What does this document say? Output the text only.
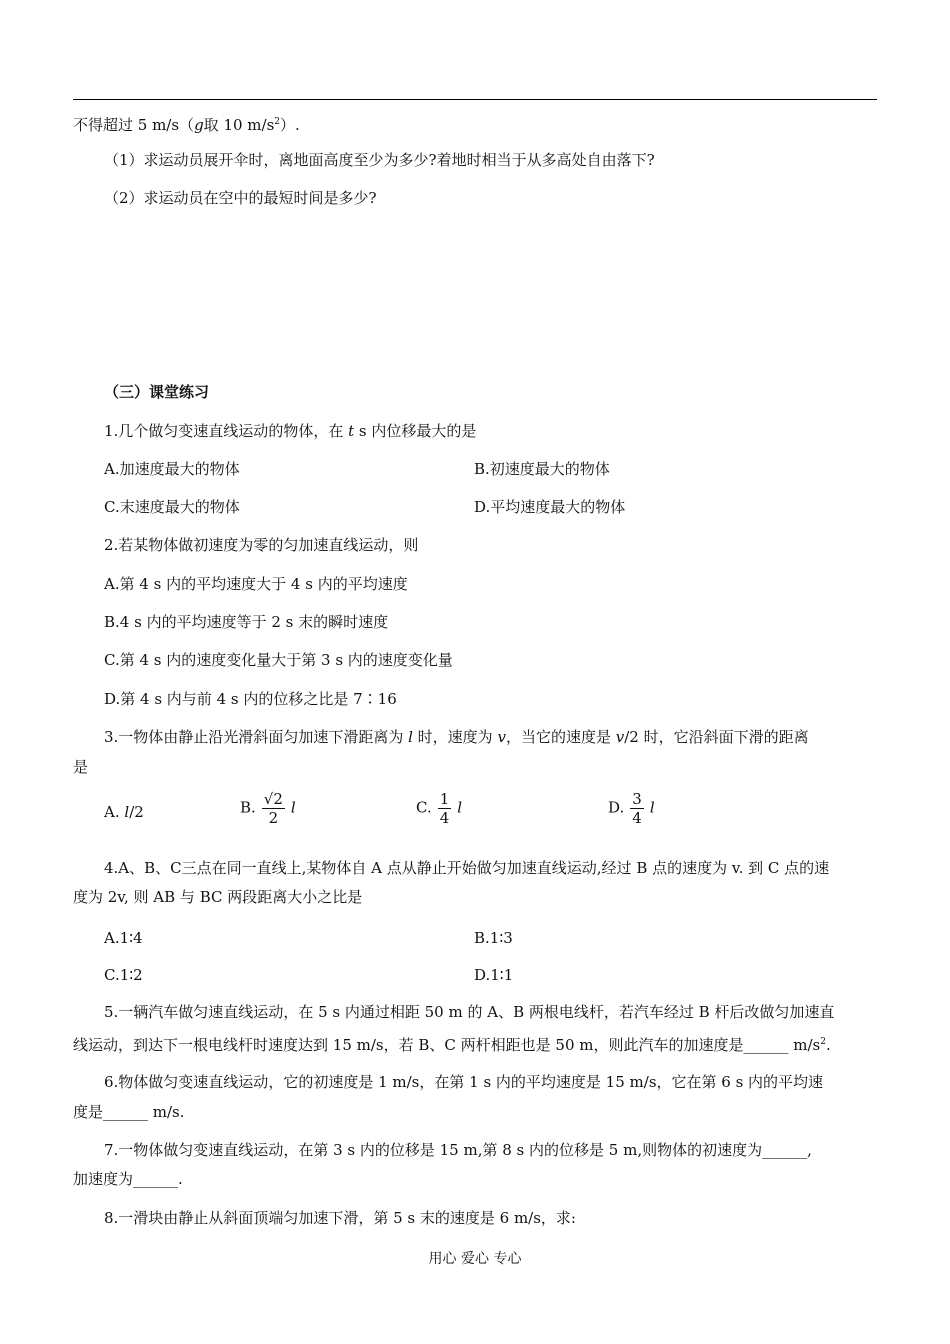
不得超过 5 m/s（g取 10 $m/s^2$）.
（1）求运动员展开伞时，离地面高度至少为多少?着地时相当于从多高处自由落下?
（2）求运动员在空中的最短时间是多少?
（三）课堂练习
1.几个做匀变速直线运动的物体，在 t s 内位移最大的是
A.加速度最大的物体	B.初速度最大的物体
C.末速度最大的物体	D.平均速度最大的物体
2.若某物体做初速度为零的匀加速直线运动，则
A.第 4 s 内的平均速度大于 4 s 内的平均速度
B.4 s 内的平均速度等于 2 s 末的瞬时速度
C.第 4 s 内的速度变化量大于第 3 s 内的速度变化量
D.第 4 s 内与前 4 s 内的位移之比是 7∶16
3.一物体由静止沿光滑斜面匀加速下滑距离为 l 时，速度为 v，当它的速度是 v/2 时，它沿斜面下滑的距离
是
A. l/2	B. $\frac{√2}{2}$ l	C. $\frac{1}{4}$ l	D. $\frac{3}{4}$ l
4.A、B、C三点在同一直线上,某物体自 A 点从静止开始做匀加速直线运动,经过 B 点的速度为 v. 到 C 点的速
度为 2v, 则 AB 与 BC 两段距离大小之比是
A.1∶4	B.1∶3
C.1∶2	D.1∶1
5.一辆汽车做匀速直线运动，在 5 s 内通过相距 50 m 的 A、B 两根电线杆，若汽车经过 B 杆后改做匀加速直
线运动，到达下一根电线杆时速度达到 15 m/s，若 B、C 两杆相距也是 50 m，则此汽车的加速度是______ $m/s^2$.
6.物体做匀变速直线运动，它的初速度是 1 m/s，在第 1 s 内的平均速度是 15 m/s，它在第 6 s 内的平均速
度是______ m/s.
7.一物体做匀变速直线运动，在第 3 s 内的位移是 15 m,第 8 s 内的位移是 5 m,则物体的初速度为______,
加速度为______.
8.一滑块由静止从斜面顶端匀加速下滑，第 5 s 末的速度是 6 m/s，求:
用心 爱心 专心
